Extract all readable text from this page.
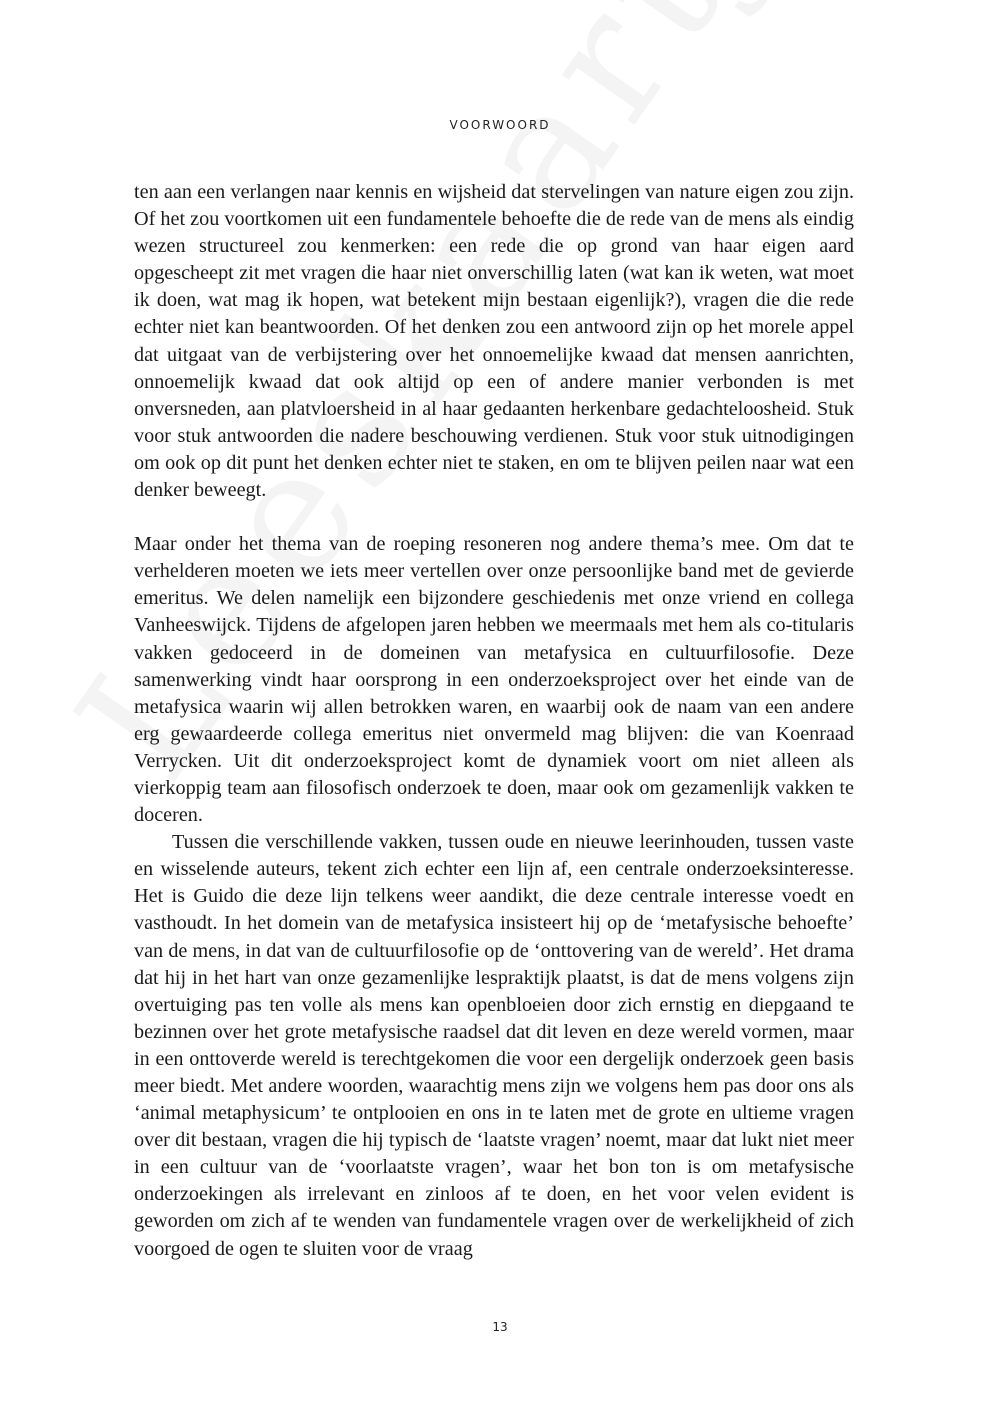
VOORWOORD

ten aan een verlangen naar kennis en wijsheid dat stervelingen van nature eigen zou zijn. Of het zou voortkomen uit een fundamentele behoefte die de rede van de mens als eindig wezen structureel zou kenmerken: een rede die op grond van haar eigen aard opgescheept zit met vragen die haar niet onverschillig laten (wat kan ik weten, wat moet ik doen, wat mag ik hopen, wat betekent mijn bestaan eigenlijk?), vragen die die rede echter niet kan beantwoorden. Of het denken zou een antwoord zijn op het morele appel dat uitgaat van de verbijstering over het onnoemelijke kwaad dat mensen aanrichten, onnoemelijk kwaad dat ook altijd op een of andere manier verbonden is met onversneden, aan platvloersheid in al haar gedaanten herkenbare gedachteloosheid. Stuk voor stuk antwoorden die nadere beschouwing verdienen. Stuk voor stuk uitnodigingen om ook op dit punt het denken echter niet te staken, en om te blijven peilen naar wat een denker beweegt.

Maar onder het thema van de roeping resoneren nog andere thema’s mee. Om dat te verhelderen moeten we iets meer vertellen over onze persoonlijke band met de gevierde emeritus. We delen namelijk een bijzondere geschiedenis met onze vriend en collega Vanheeswijck. Tijdens de afgelopen jaren hebben we meermaals met hem als co-titularis vakken gedoceerd in de domeinen van metafysica en cultuurfilosofie. Deze samenwerking vindt haar oorsprong in een onderzoeksproject over het einde van de metafysica waarin wij allen betrokken waren, en waarbij ook de naam van een andere erg gewaardeerde collega emeritus niet onvermeld mag blijven: die van Koenraad Verrycken. Uit dit onderzoeksproject komt de dynamiek voort om niet alleen als vierkoppig team aan filosofisch onderzoek te doen, maar ook om gezamenlijk vakken te doceren.

Tussen die verschillende vakken, tussen oude en nieuwe leerinhouden, tussen vaste en wisselende auteurs, tekent zich echter een lijn af, een centrale onderzoeksinteresse. Het is Guido die deze lijn telkens weer aandikt, die deze centrale interesse voedt en vasthoudt. In het domein van de metafysica insisteert hij op de ‘metafysische behoefte’ van de mens, in dat van de cultuurfilosofie op de ‘onttovering van de wereld’. Het drama dat hij in het hart van onze gezamenlijke lespraktijk plaatst, is dat de mens volgens zijn overtuiging pas ten volle als mens kan openbloeien door zich ernstig en diepgaand te bezinnen over het grote metafysische raadsel dat dit leven en deze wereld vormen, maar in een onttoverde wereld is terechtgekomen die voor een dergelijk onderzoek geen basis meer biedt. Met andere woorden, waarachtig mens zijn we volgens hem pas door ons als ‘animal metaphysicum’ te ontplooien en ons in te laten met de grote en ultieme vragen over dit bestaan, vragen die hij typisch de ‘laatste vragen’ noemt, maar dat lukt niet meer in een cultuur van de ‘voorlaatste vragen’, waar het bon ton is om metafysische onderzoekingen als irrelevant en zinloos af te doen, en het voor velen evident is geworden om zich af te wenden van fundamentele vragen over de werkelijkheid of zich voorgoed de ogen te sluiten voor de vraag

13
